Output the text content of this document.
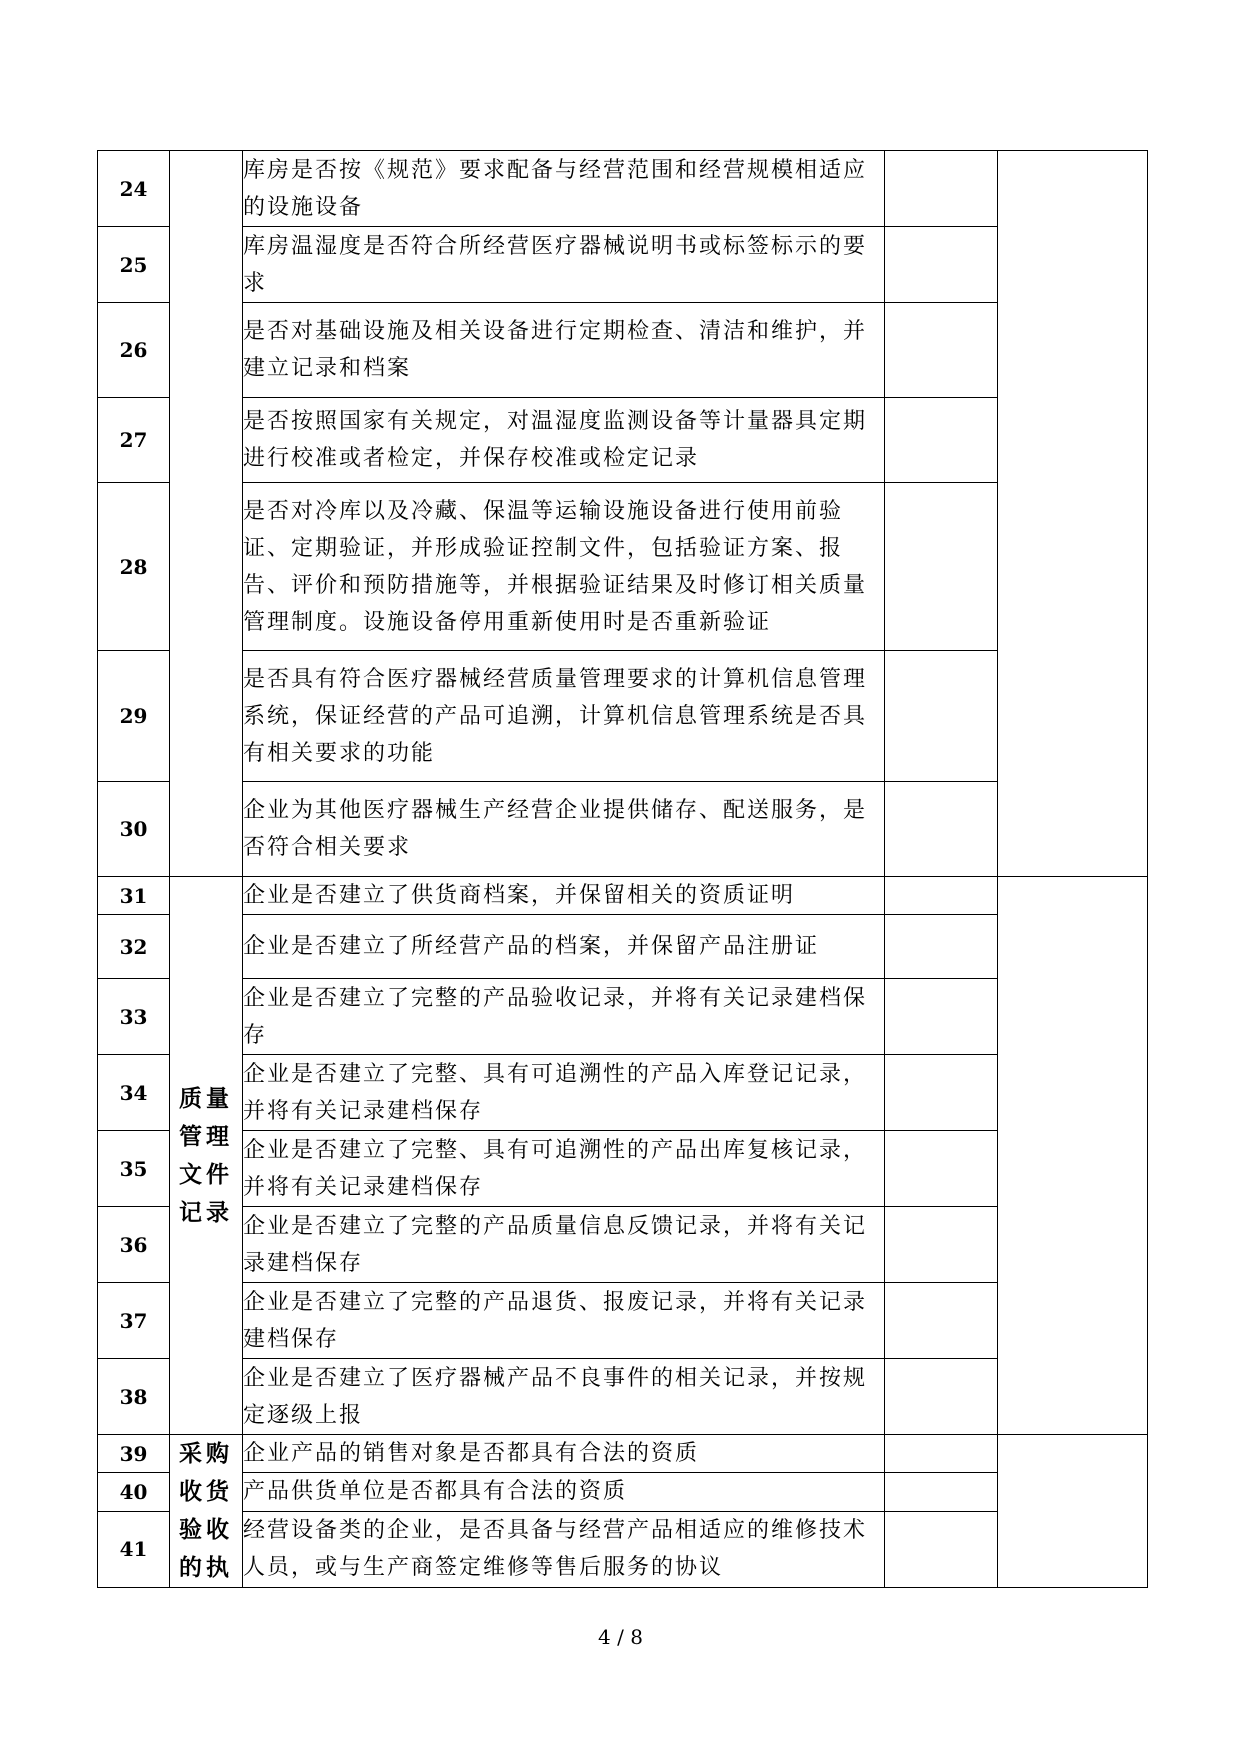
24		库房是否按《规范》要求配备与经营范围和经营规模相适应的设施设备		
25		库房温湿度是否符合所经营医疗器械说明书或标签标示的要求		
26		是否对基础设施及相关设备进行定期检查、清洁和维护，并建立记录和档案		
27		是否按照国家有关规定，对温湿度监测设备等计量器具定期进行校准或者检定，并保存校准或检定记录		
28		是否对冷库以及冷藏、保温等运输设施设备进行使用前验证、定期验证，并形成验证控制文件，包括验证方案、报告、评价和预防措施等，并根据验证结果及时修订相关质量管理制度。设施设备停用重新使用时是否重新验证		
29		是否具有符合医疗器械经营质量管理要求的计算机信息管理系统，保证经营的产品可追溯，计算机信息管理系统是否具有相关要求的功能		
30		企业为其他医疗器械生产经营企业提供储存、配送服务，是否符合相关要求		
31	质量管理文件记录	企业是否建立了供货商档案，并保留相关的资质证明		
32		企业是否建立了所经营产品的档案，并保留产品注册证		
33		企业是否建立了完整的产品验收记录，并将有关记录建档保存		
34		企业是否建立了完整、具有可追溯性的产品入库登记记录，并将有关记录建档保存		
35		企业是否建立了完整、具有可追溯性的产品出库复核记录，并将有关记录建档保存		
36		企业是否建立了完整的产品质量信息反馈记录，并将有关记录建档保存		
37		企业是否建立了完整的产品退货、报废记录，并将有关记录建档保存		
38		企业是否建立了医疗器械产品不良事件的相关记录，并按规定逐级上报		
39	采购收货验收的执	企业产品的销售对象是否都具有合法的资质		
40		产品供货单位是否都具有合法的资质		
41		经营设备类的企业，是否具备与经营产品相适应的维修技术人员，或与生产商签定维修等售后服务的协议		
4 / 8
